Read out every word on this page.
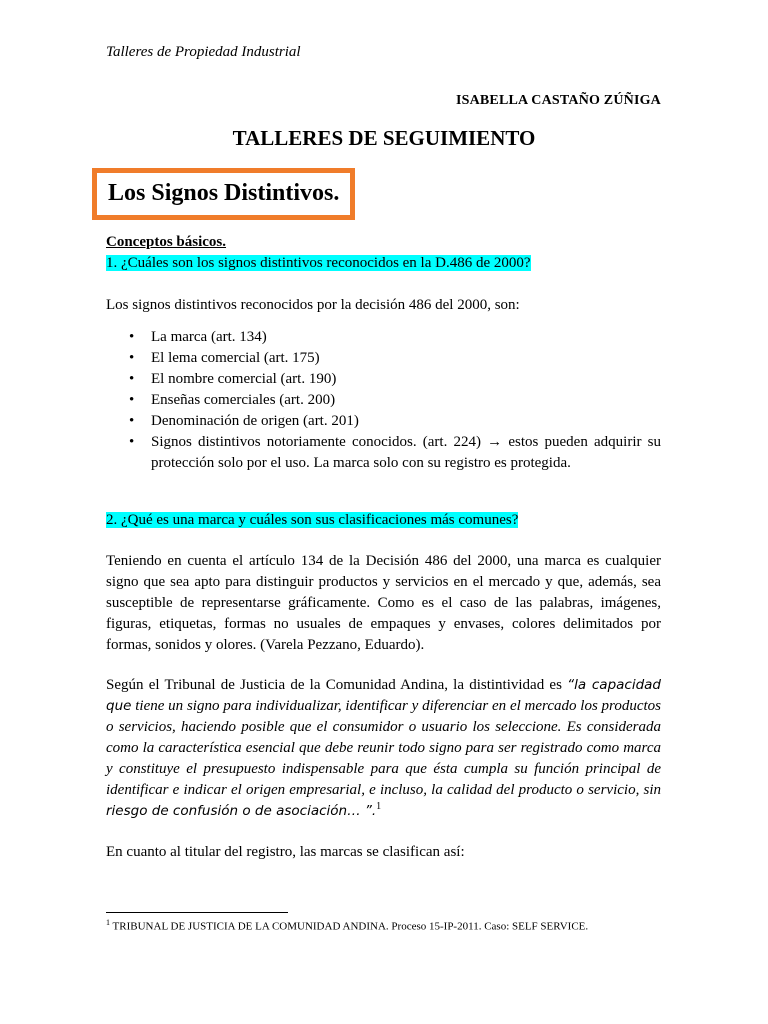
Talleres de Propiedad Industrial
ISABELLA CASTAÑO ZÚÑIGA
TALLERES DE SEGUIMIENTO
Los Signos Distintivos.
Conceptos básicos.
1. ¿Cuáles son los signos distintivos reconocidos en la D.486 de 2000?
Los signos distintivos reconocidos por la decisión 486 del 2000, son:
•	La marca (art. 134)
•	El lema comercial (art. 175)
•	El nombre comercial (art. 190)
•	Enseñas comerciales (art. 200)
•	Denominación de origen (art. 201)
•	Signos distintivos notoriamente conocidos. (art. 224) → estos pueden adquirir su
protección solo por el uso. La marca solo con su registro es protegida.
2. ¿Qué es una marca y cuáles son sus clasificaciones más comunes?
Teniendo en cuenta el artículo 134 de la Decisión 486 del 2000, una marca es cualquier signo que sea apto para distinguir productos y servicios en el mercado y que, además, sea susceptible de representarse gráficamente. Como es el caso de las palabras, imágenes, figuras, etiquetas, formas no usuales de empaques y envases, colores delimitados por formas, sonidos y olores. (Varela Pezzano, Eduardo).
Según el Tribunal de Justicia de la Comunidad Andina, la distintividad es “la capacidad que tiene un signo para individualizar, identificar y diferenciar en el mercado los productos o servicios, haciendo posible que el consumidor o usuario los seleccione. Es considerada como la característica esencial que debe reunir todo signo para ser registrado como marca y constituye el presupuesto indispensable para que ésta cumpla su función principal de identificar e indicar el origen empresarial, e incluso, la calidad del producto o servicio, sin riesgo de confusión o de asociación… ”.$^1$
En cuanto al titular del registro, las marcas se clasifican así:
$^1$ TRIBUNAL DE JUSTICIA DE LA COMUNIDAD ANDINA. Proceso 15-IP-2011. Caso: SELF SERVICE.
